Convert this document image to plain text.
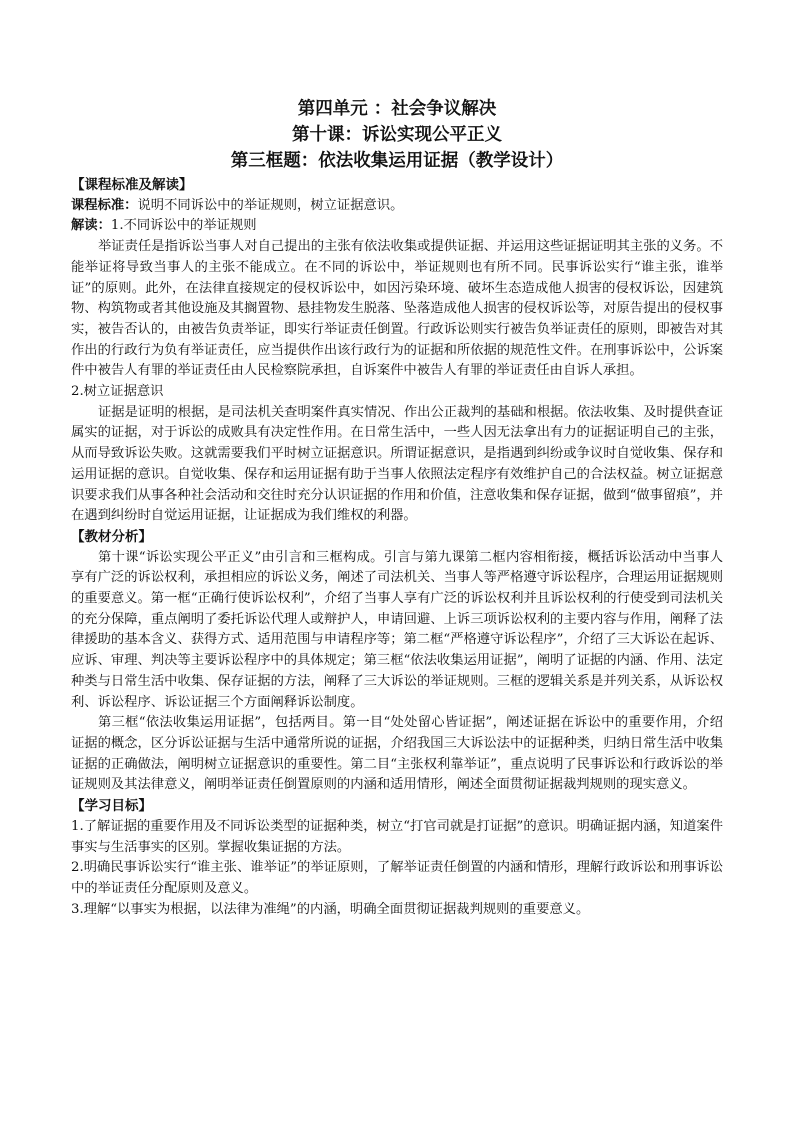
第四单元 ：社会争议解决
第十课：诉讼实现公平正义
第三框题：依法收集运用证据（教学设计）
【课程标准及解读】
课程标准：说明不同诉讼中的举证规则，树立证据意识。
解读：1.不同诉讼中的举证规则

举证责任是指诉讼当事人对自己提出的主张有依法收集或提供证据、并运用这些证据证明其主张的义务。不能举证将导致当事人的主张不能成立。在不同的诉讼中，举证规则也有所不同。民事诉讼实行“谁主张，谁举证”的原则。此外，在法律直接规定的侵权诉讼中，如因污染环境、破坏生态造成他人损害的侵权诉讼，因建筑物、构筑物或者其他设施及其搁置物、悬挂物发生脱落、坠落造成他人损害的侵权诉讼等，对原告提出的侵权事实，被告否认的，由被告负责举证，即实行举证责任倒置。行政诉讼则实行被告负举证责任的原则，即被告对其作出的行政行为负有举证责任，应当提供作出该行政行为的证据和所依据的规范性文件。在刑事诉讼中，公诉案件中被告人有罪的举证责任由人民检察院承担，自诉案件中被告人有罪的举证责任由自诉人承担。

2.树立证据意识

证据是证明的根据，是司法机关查明案件真实情况、作出公正裁判的基础和根据。依法收集、及时提供查证属实的证据，对于诉讼的成败具有决定性作用。在日常生活中，一些人因无法拿出有力的证据证明自己的主张，从而导致诉讼失败。这就需要我们平时树立证据意识。所谓证据意识，是指遇到纠纷或争议时自觉收集、保存和运用证据的意识。自觉收集、保存和运用证据有助于当事人依照法定程序有效维护自己的合法权益。树立证据意识要求我们从事各种社会活动和交往时充分认识证据的作用和价值，注意收集和保存证据，做到“做事留痕”，并在遇到纠纷时自觉运用证据，让证据成为我们维权的利器。

【教材分析】

第十课“诉讼实现公平正义”由引言和三框构成。引言与第九课第二框内容相衔接，概括诉讼活动中当事人享有广泛的诉讼权利，承担相应的诉讼义务，阐述了司法机关、当事人等严格遵守诉讼程序，合理运用证据规则的重要意义。第一框“正确行使诉讼权利”，介绍了当事人享有广泛的诉讼权利并且诉讼权利的行使受到司法机关的充分保障，重点阐明了委托诉讼代理人或辩护人，申请回避、上诉三项诉讼权利的主要内容与作用，阐释了法律援助的基本含义、获得方式、适用范围与申请程序等；第二框“严格遵守诉讼程序”，介绍了三大诉讼在起诉、应诉、审理、判决等主要诉讼程序中的具体规定；第三框“依法收集运用证据”，阐明了证据的内涵、作用、法定种类与日常生活中收集、保存证据的方法，阐释了三大诉讼的举证规则。三框的逻辑关系是并列关系，从诉讼权利、诉讼程序、诉讼证据三个方面阐释诉讼制度。

第三框“依法收集运用证据”，包括两目。第一目“处处留心皆证据”，阐述证据在诉讼中的重要作用，介绍证据的概念，区分诉讼证据与生活中通常所说的证据，介绍我国三大诉讼法中的证据种类，归纳日常生活中收集证据的正确做法，阐明树立证据意识的重要性。第二目“主张权利靠举证”，重点说明了民事诉讼和行政诉讼的举证规则及其法律意义，阐明举证责任倒置原则的内涵和适用情形，阐述全面贯彻证据裁判规则的现实意义。

【学习目标】

1.了解证据的重要作用及不同诉讼类型的证据种类，树立“打官司就是打证据”的意识。明确证据内涵，知道案件事实与生活事实的区别。掌握收集证据的方法。

2.明确民事诉讼实行“谁主张、谁举证”的举证原则，了解举证责任倒置的内涵和情形，理解行政诉讼和刑事诉讼中的举证责任分配原则及意义。

3.理解“以事实为根据，以法律为准绳”的内涵，明确全面贯彻证据裁判规则的重要意义。
